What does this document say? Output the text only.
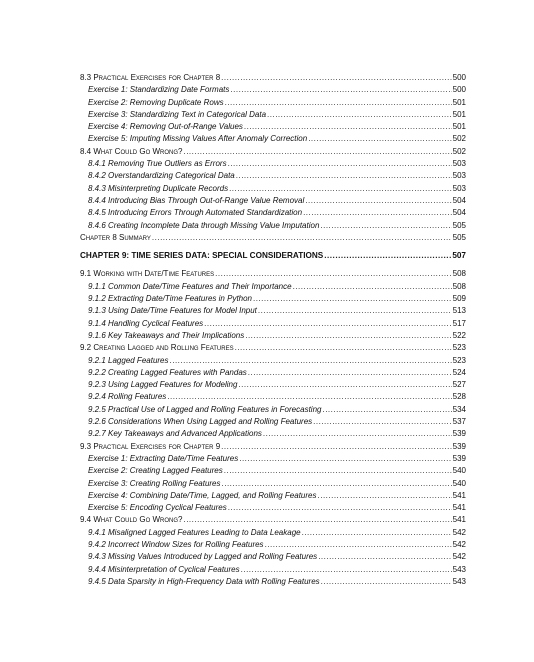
8.3 Practical Exercises for Chapter 8 .....	500
Exercise 1: Standardizing Date Formats .....	500
Exercise 2: Removing Duplicate Rows .....	501
Exercise 3: Standardizing Text in Categorical Data .....	501
Exercise 4: Removing Out-of-Range Values .....	501
Exercise 5: Imputing Missing Values After Anomaly Correction .....	502
8.4 What Could Go Wrong? .....	502
8.4.1 Removing True Outliers as Errors .....	503
8.4.2 Overstandardizing Categorical Data .....	503
8.4.3 Misinterpreting Duplicate Records .....	503
8.4.4 Introducing Bias Through Out-of-Range Value Removal .....	504
8.4.5 Introducing Errors Through Automated Standardization .....	504
8.4.6 Creating Incomplete Data through Missing Value Imputation .....	505
Chapter 8 Summary .....	505
CHAPTER 9: TIME SERIES DATA: SPECIAL CONSIDERATIONS .....	507
9.1 Working with Date/Time Features .....	508
9.1.1 Common Date/Time Features and Their Importance .....	508
9.1.2 Extracting Date/Time Features in Python .....	509
9.1.3 Using Date/Time Features for Model Input .....	513
9.1.4 Handling Cyclical Features .....	517
9.1.6 Key Takeaways and Their Implications .....	522
9.2 Creating Lagged and Rolling Features .....	523
9.2.1 Lagged Features .....	523
9.2.2 Creating Lagged Features with Pandas .....	524
9.2.3 Using Lagged Features for Modeling .....	527
9.2.4 Rolling Features .....	528
9.2.5 Practical Use of Lagged and Rolling Features in Forecasting .....	534
9.2.6 Considerations When Using Lagged and Rolling Features .....	537
9.2.7 Key Takeaways and Advanced Applications .....	539
9.3 Practical Exercises for Chapter 9 .....	539
Exercise 1: Extracting Date/Time Features .....	539
Exercise 2: Creating Lagged Features .....	540
Exercise 3: Creating Rolling Features .....	540
Exercise 4: Combining Date/Time, Lagged, and Rolling Features .....	541
Exercise 5: Encoding Cyclical Features .....	541
9.4 What Could Go Wrong? .....	541
9.4.1 Misaligned Lagged Features Leading to Data Leakage .....	542
9.4.2 Incorrect Window Sizes for Rolling Features .....	542
9.4.3 Missing Values Introduced by Lagged and Rolling Features .....	542
9.4.4 Misinterpretation of Cyclical Features .....	543
9.4.5 Data Sparsity in High-Frequency Data with Rolling Features .....	543
